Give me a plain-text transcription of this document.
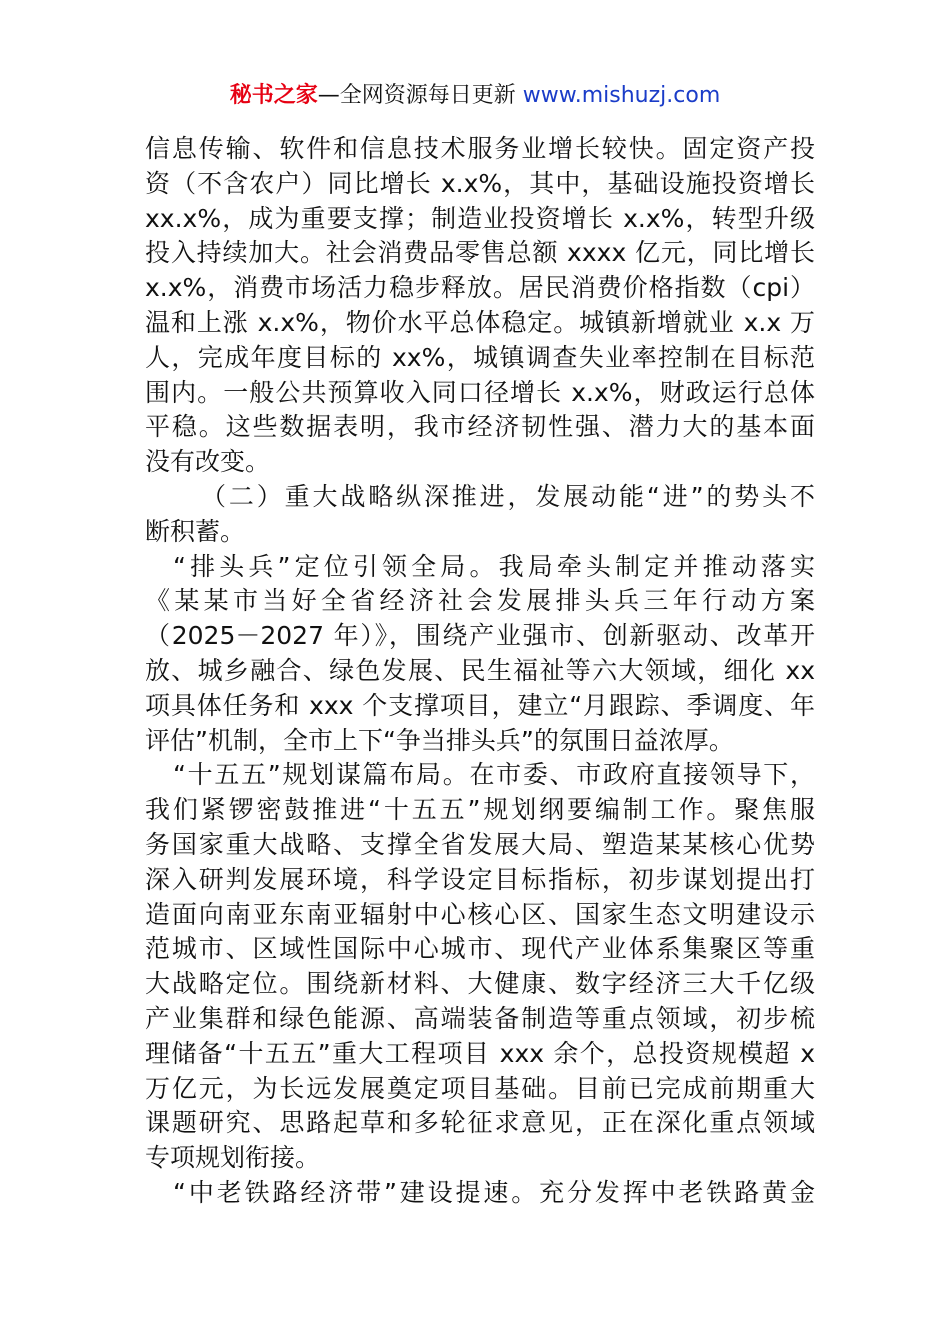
秘书之家—全网资源每日更新 www.mishuzj.com
信息传输、软件和信息技术服务业增长较快。固定资产投
资（不含农户）同比增长 x.x%，其中，基础设施投资增长
xx.x%，成为重要支撑；制造业投资增长 x.x%，转型升级
投入持续加大。社会消费品零售总额 xxxx 亿元，同比增长
x.x%，消费市场活力稳步释放。居民消费价格指数（cpi）
温和上涨 x.x%，物价水平总体稳定。城镇新增就业 x.x 万
人，完成年度目标的 xx%，城镇调查失业率控制在目标范
围内。一般公共预算收入同口径增长 x.x%，财政运行总体
平稳。这些数据表明，我市经济韧性强、潜力大的基本面
没有改变。
（二）重大战略纵深推进，发展动能“进”的势头不
断积蓄。
“排头兵”定位引领全局。我局牵头制定并推动落实
《某某市当好全省经济社会发展排头兵三年行动方案
（2025－2027 年）》，围绕产业强市、创新驱动、改革开
放、城乡融合、绿色发展、民生福祉等六大领域，细化 xx
项具体任务和 xxx 个支撑项目，建立“月跟踪、季调度、年
评估”机制，全市上下“争当排头兵”的氛围日益浓厚。
“十五五”规划谋篇布局。在市委、市政府直接领导下，
我们紧锣密鼓推进“十五五”规划纲要编制工作。聚焦服
务国家重大战略、支撑全省发展大局、塑造某某核心优势
深入研判发展环境，科学设定目标指标，初步谋划提出打
造面向南亚东南亚辐射中心核心区、国家生态文明建设示
范城市、区域性国际中心城市、现代产业体系集聚区等重
大战略定位。围绕新材料、大健康、数字经济三大千亿级
产业集群和绿色能源、高端装备制造等重点领域，初步梳
理储备“十五五”重大工程项目 xxx 余个，总投资规模超 x
万亿元，为长远发展奠定项目基础。目前已完成前期重大
课题研究、思路起草和多轮征求意见，正在深化重点领域
专项规划衔接。
“中老铁路经济带”建设提速。充分发挥中老铁路黄金
